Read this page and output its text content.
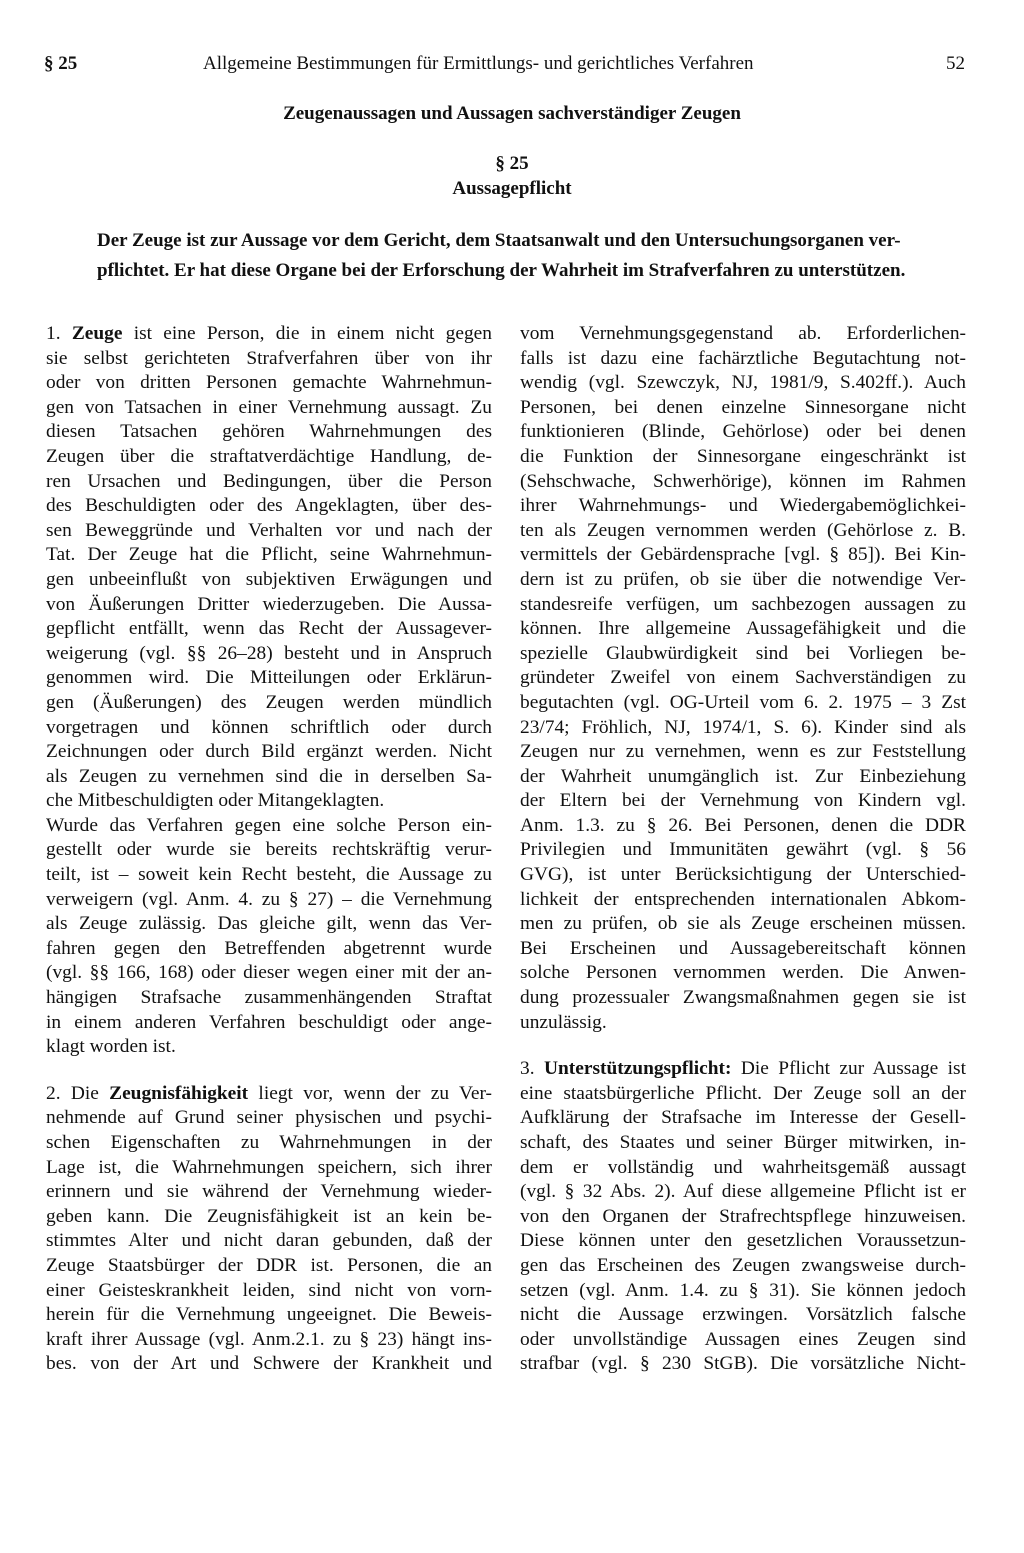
§ 25	Allgemeine Bestimmungen für Ermittlungs- und gerichtliches Verfahren	52
Zeugenaussagen und Aussagen sachverständiger Zeugen
§ 25
Aussagepflicht
Der Zeuge ist zur Aussage vor dem Gericht, dem Staatsanwalt und den Untersuchungsorganen ver-
pflichtet. Er hat diese Organe bei der Erforschung der Wahrheit im Strafverfahren zu unterstützen.
1. Zeuge ist eine Person, die in einem nicht gegen
sie selbst gerichteten Strafverfahren über von ihr
oder von dritten Personen gemachte Wahrnehmun-
gen von Tatsachen in einer Vernehmung aussagt. Zu
diesen Tatsachen gehören Wahrnehmungen des
Zeugen über die straftatverdächtige Handlung, de-
ren Ursachen und Bedingungen, über die Person
des Beschuldigten oder des Angeklagten, über des-
sen Beweggründe und Verhalten vor und nach der
Tat. Der Zeuge hat die Pflicht, seine Wahrnehmun-
gen unbeeinflußt von subjektiven Erwägungen und
von Äußerungen Dritter wiederzugeben. Die Aussa-
gepflicht entfällt, wenn das Recht der Aussagever-
weigerung (vgl. §§ 26–28) besteht und in Anspruch
genommen wird. Die Mitteilungen oder Erklärun-
gen (Äußerungen) des Zeugen werden mündlich
vorgetragen und können schriftlich oder durch
Zeichnungen oder durch Bild ergänzt werden. Nicht
als Zeugen zu vernehmen sind die in derselben Sa-
che Mitbeschuldigten oder Mitangeklagten.
Wurde das Verfahren gegen eine solche Person ein-
gestellt oder wurde sie bereits rechtskräftig verur-
teilt, ist – soweit kein Recht besteht, die Aussage zu
verweigern (vgl. Anm. 4. zu § 27) – die Vernehmung
als Zeuge zulässig. Das gleiche gilt, wenn das Ver-
fahren gegen den Betreffenden abgetrennt wurde
(vgl. §§ 166, 168) oder dieser wegen einer mit der an-
hängigen Strafsache zusammenhängenden Straftat
in einem anderen Verfahren beschuldigt oder ange-
klagt worden ist.
2. Die Zeugnisfähigkeit liegt vor, wenn der zu Ver-
nehmende auf Grund seiner physischen und psychi-
schen Eigenschaften zu Wahrnehmungen in der
Lage ist, die Wahrnehmungen speichern, sich ihrer
erinnern und sie während der Vernehmung wieder-
geben kann. Die Zeugnisfähigkeit ist an kein be-
stimmtes Alter und nicht daran gebunden, daß der
Zeuge Staatsbürger der DDR ist. Personen, die an
einer Geisteskrankheit leiden, sind nicht von vorn-
herein für die Vernehmung ungeeignet. Die Beweis-
kraft ihrer Aussage (vgl. Anm.2.1. zu § 23) hängt ins-
bes. von der Art und Schwere der Krankheit und
vom Vernehmungsgegenstand ab. Erforderlichen-
falls ist dazu eine fachärztliche Begutachtung not-
wendig (vgl. Szewczyk, NJ, 1981/9, S.402ff.). Auch
Personen, bei denen einzelne Sinnesorgane nicht
funktionieren (Blinde, Gehörlose) oder bei denen
die Funktion der Sinnesorgane eingeschränkt ist
(Sehschwache, Schwerhörige), können im Rahmen
ihrer Wahrnehmungs- und Wiedergabemöglichkei-
ten als Zeugen vernommen werden (Gehörlose z. B.
vermittels der Gebärdensprache [vgl. § 85]). Bei Kin-
dern ist zu prüfen, ob sie über die notwendige Ver-
standesreife verfügen, um sachbezogen aussagen zu
können. Ihre allgemeine Aussagefähigkeit und die
spezielle Glaubwürdigkeit sind bei Vorliegen be-
gründeter Zweifel von einem Sachverständigen zu
begutachten (vgl. OG-Urteil vom 6. 2. 1975 – 3 Zst
23/74; Fröhlich, NJ, 1974/1, S. 6). Kinder sind als
Zeugen nur zu vernehmen, wenn es zur Feststellung
der Wahrheit unumgänglich ist. Zur Einbeziehung
der Eltern bei der Vernehmung von Kindern vgl.
Anm. 1.3. zu § 26. Bei Personen, denen die DDR
Privilegien und Immunitäten gewährt (vgl. § 56
GVG), ist unter Berücksichtigung der Unterschied-
lichkeit der entsprechenden internationalen Abkom-
men zu prüfen, ob sie als Zeuge erscheinen müssen.
Bei Erscheinen und Aussagebereitschaft können
solche Personen vernommen werden. Die Anwen-
dung prozessualer Zwangsmaßnahmen gegen sie ist
unzulässig.
3. Unterstützungspflicht: Die Pflicht zur Aussage ist
eine staatsbürgerliche Pflicht. Der Zeuge soll an der
Aufklärung der Strafsache im Interesse der Gesell-
schaft, des Staates und seiner Bürger mitwirken, in-
dem er vollständig und wahrheitsgemäß aussagt
(vgl. § 32 Abs. 2). Auf diese allgemeine Pflicht ist er
von den Organen der Strafrechtspflege hinzuweisen.
Diese können unter den gesetzlichen Voraussetzun-
gen das Erscheinen des Zeugen zwangsweise durch-
setzen (vgl. Anm. 1.4. zu § 31). Sie können jedoch
nicht die Aussage erzwingen. Vorsätzlich falsche
oder unvollständige Aussagen eines Zeugen sind
strafbar (vgl. § 230 StGB). Die vorsätzliche Nicht-
